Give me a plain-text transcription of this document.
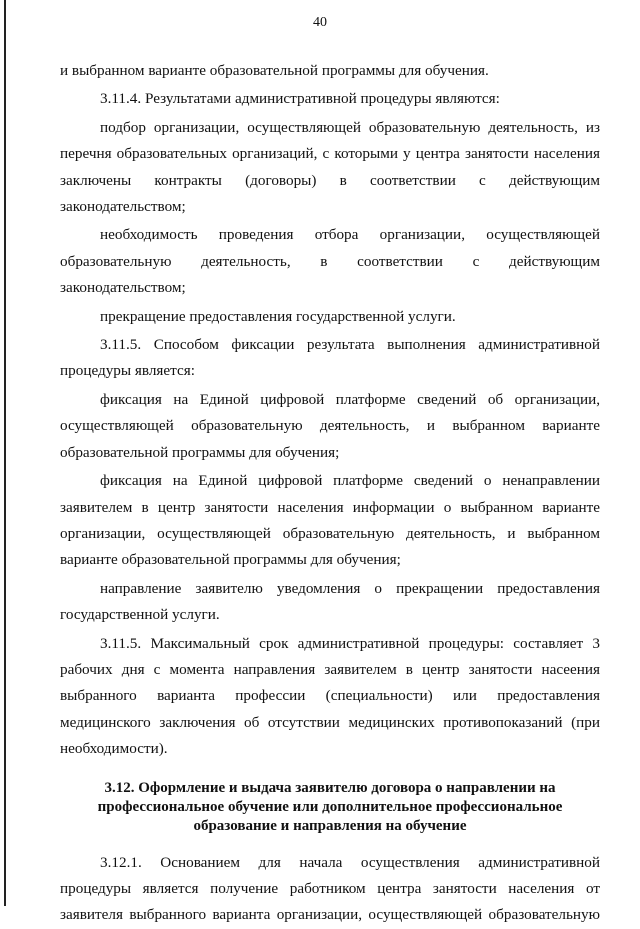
40

и выбранном варианте образовательной программы для обучения.

3.11.4. Результатами административной процедуры являются:

подбор организации, осуществляющей образовательную деятельность, из перечня образовательных организаций, с которыми у центра занятости населения заключены контракты (договоры) в соответствии с действующим законодательством;

необходимость проведения отбора организации, осуществляющей образовательную деятельность, в соответствии с действующим законодательством;

прекращение предоставления государственной услуги.

3.11.5. Способом фиксации результата выполнения административной процедуры является:

фиксация на Единой цифровой платформе сведений об организации, осуществляющей образовательную деятельность, и выбранном варианте образовательной программы для обучения;

фиксация на Единой цифровой платформе сведений о ненаправлении заявителем в центр занятости населения информации о выбранном варианте организации, осуществляющей образовательную деятельность, и выбранном варианте образовательной программы для обучения;

направление заявителю уведомления о прекращении предоставления государственной услуги.

3.11.5. Максимальный срок административной процедуры: составляет 3 рабочих дня с момента направления заявителем в центр занятости насеения выбранного варианта профессии (специальности) или предоставления медицинского заключения об отсутствии медицинских противопоказаний (при необходимости).

3.12. Оформление и выдача заявителю договора о направлении на
профессиональное обучение или дополнительное профессиональное
образование и направления на обучение

3.12.1. Основанием для начала осуществления административной процедуры является получение работником центра занятости населения от заявителя выбранного варианта организации, осуществляющей образовательную
